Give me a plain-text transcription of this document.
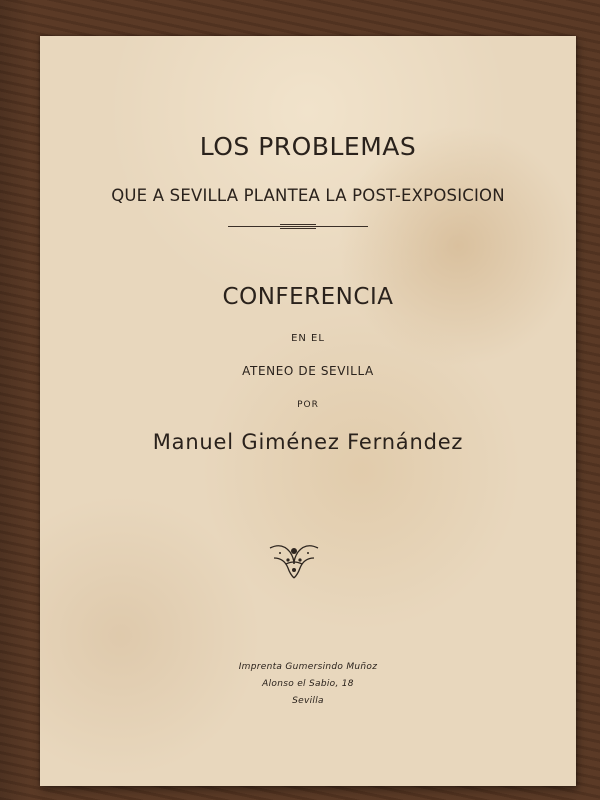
LOS PROBLEMAS
QUE A SEVILLA PLANTEA LA POST-EXPOSICION
CONFERENCIA
EN EL
ATENEO DE SEVILLA
POR
Manuel Giménez Fernández
Imprenta Gumersindo Muñoz
Alonso el Sabio, 18
Sevilla
